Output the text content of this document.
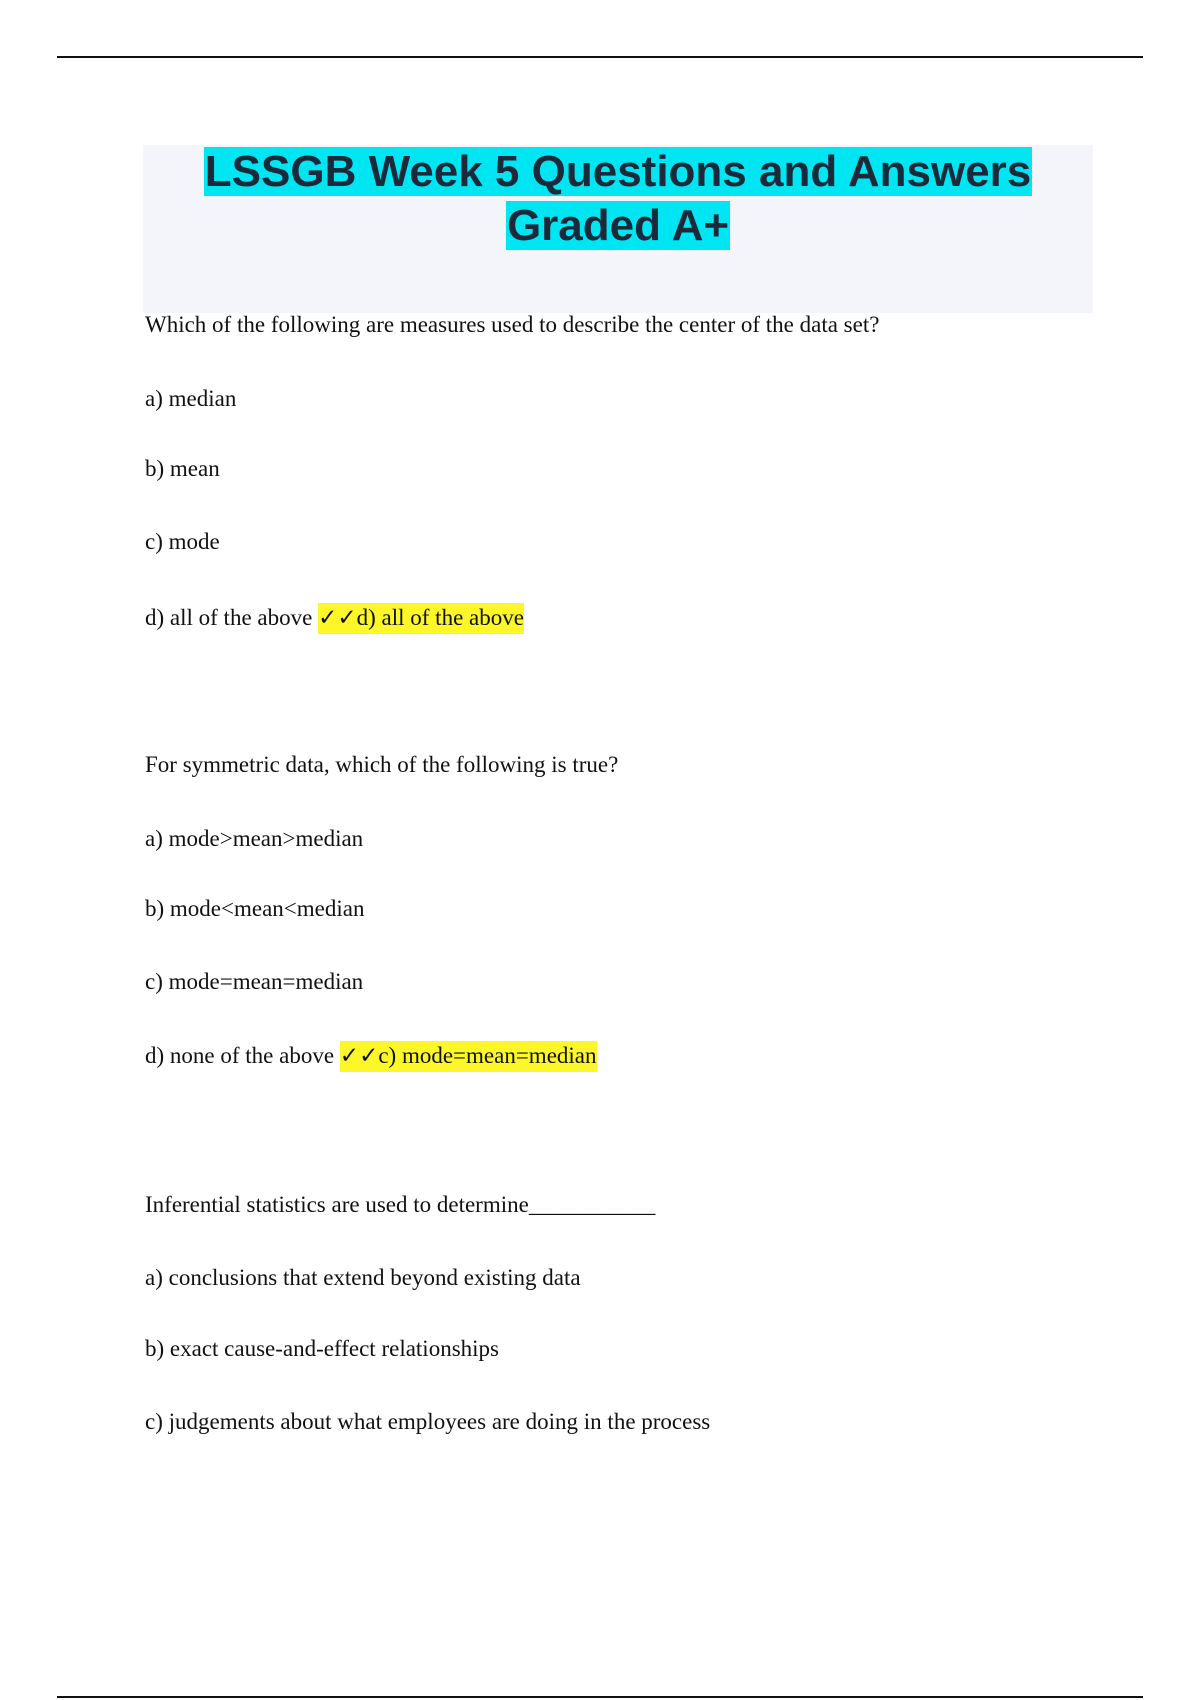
LSSGB Week 5 Questions and Answers
Graded A+
Which of the following are measures used to describe the center of the data set?
a) median
b) mean
c) mode
d) all of the above ✓✓d) all of the above
For symmetric data, which of the following is true?
a) mode>mean>median
b) mode<mean<median
c) mode=mean=median
d) none of the above ✓✓c) mode=mean=median
Inferential statistics are used to determine___________
a) conclusions that extend beyond existing data
b) exact cause-and-effect relationships
c) judgements about what employees are doing in the process
